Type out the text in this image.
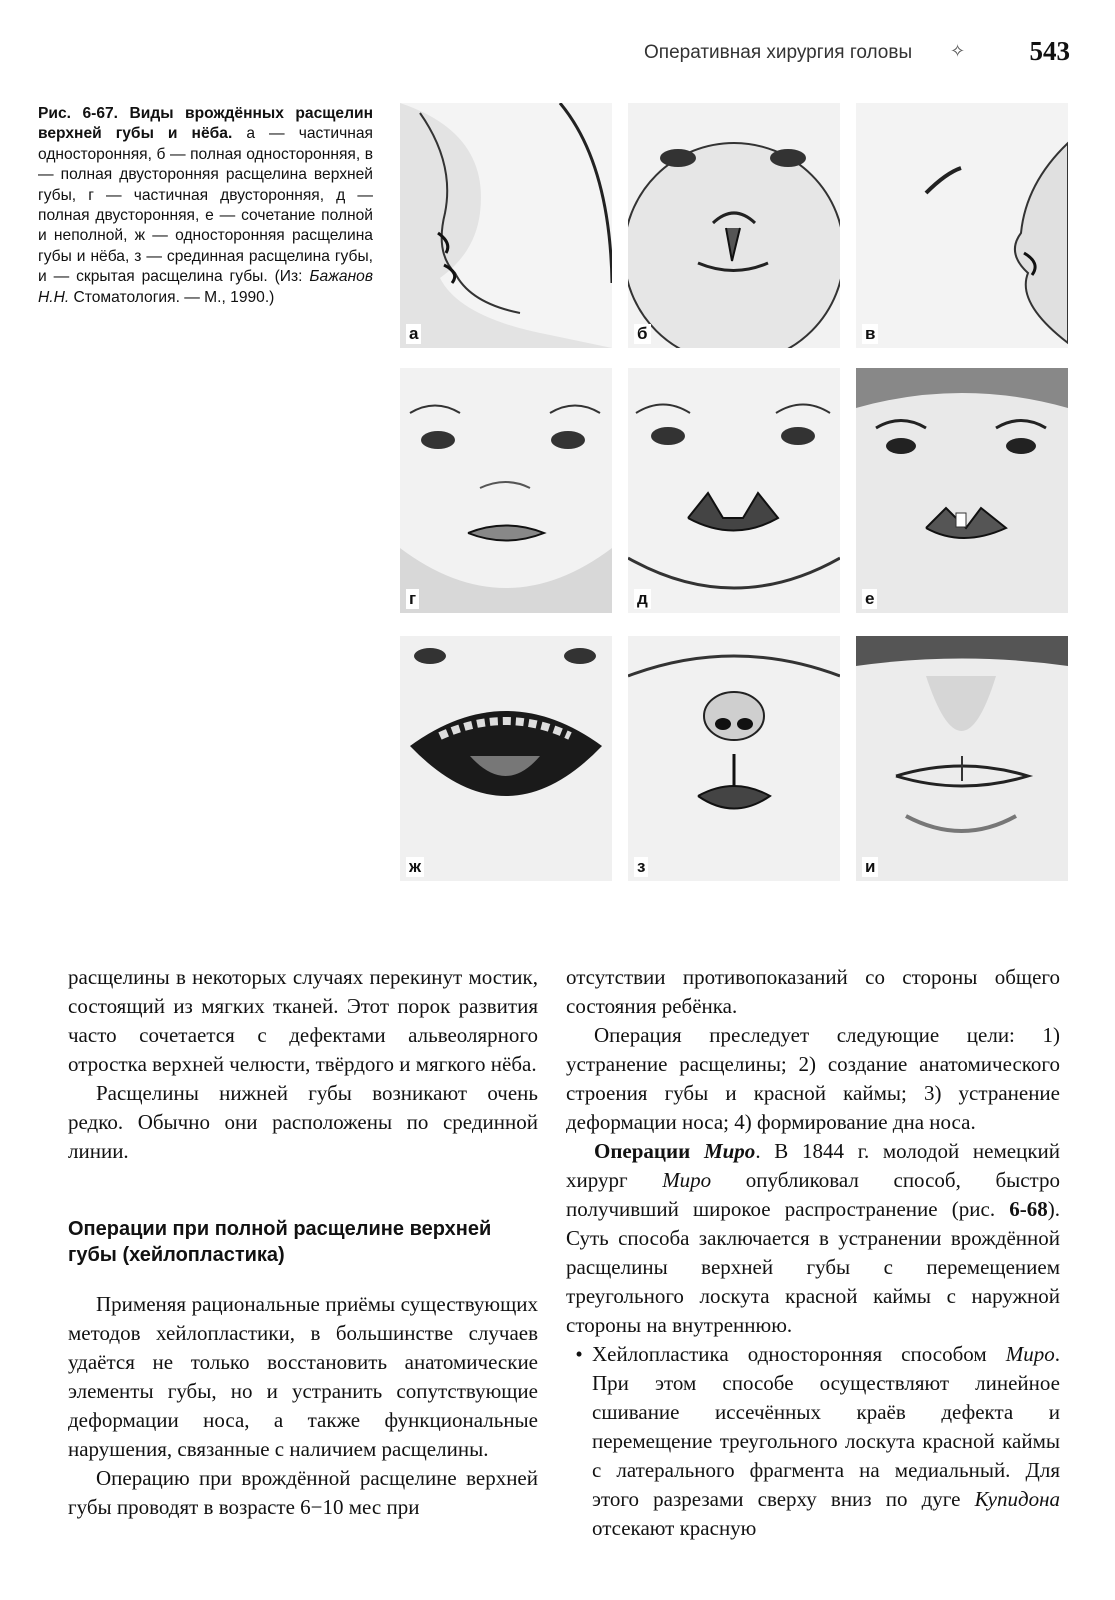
Оперативная хирургия головы ✧ 543
Рис. 6-67. Виды врождённых расщелин верхней губы и нёба. а — частичная односторонняя, б — полная односторонняя, в — полная двусторонняя расщелина верхней губы, г — частичная двусторонняя, д — полная двусторонняя, е — сочетание полной и неполной, ж — односторонняя расщелина губы и нёба, з — срединная расщелина губы, и — скрытая расщелина губы. (Из: Бажанов Н.Н. Стоматология. — М., 1990.)
а	б	в
г	д	е
ж	з	и

расщелины в некоторых случаях перекинут мостик, состоящий из мягких тканей. Этот порок развития часто сочетается с дефектами альвеолярного отростка верхней челюсти, твёрдого и мягкого нёба.

Расщелины нижней губы возникают очень редко. Обычно они расположены по срединной линии.

Операции при полной расщелине верхней губы (хейлопластика)

Применяя рациональные приёмы существующих методов хейлопластики, в большинстве случаев удаётся не только восстановить анатомические элементы губы, но и устранить сопутствующие деформации носа, а также функциональные нарушения, связанные с наличием расщелины.

Операцию при врождённой расщелине верхней губы проводят в возрасте 6−10 мес при

отсутствии противопоказаний со стороны общего состояния ребёнка.

Операция преследует следующие цели: 1) устранение расщелины; 2) создание анатомического строения губы и красной каймы; 3) устранение деформации носа; 4) формирование дна носа.

Операции Миро. В 1844 г. молодой немецкий хирург Миро опубликовал способ, быстро получивший широкое распространение (рис. 6-68). Суть способа заключается в устранении врождённой расщелины верхней губы с перемещением треугольного лоскута красной каймы с наружной стороны на внутреннюю.

• Хейлопластика односторонняя способом Миро. При этом способе осуществляют линейное сшивание иссечённых краёв дефекта и перемещение треугольного лоскута красной каймы с латерального фрагмента на медиальный. Для этого разрезами сверху вниз по дуге Купидона отсекают красную
